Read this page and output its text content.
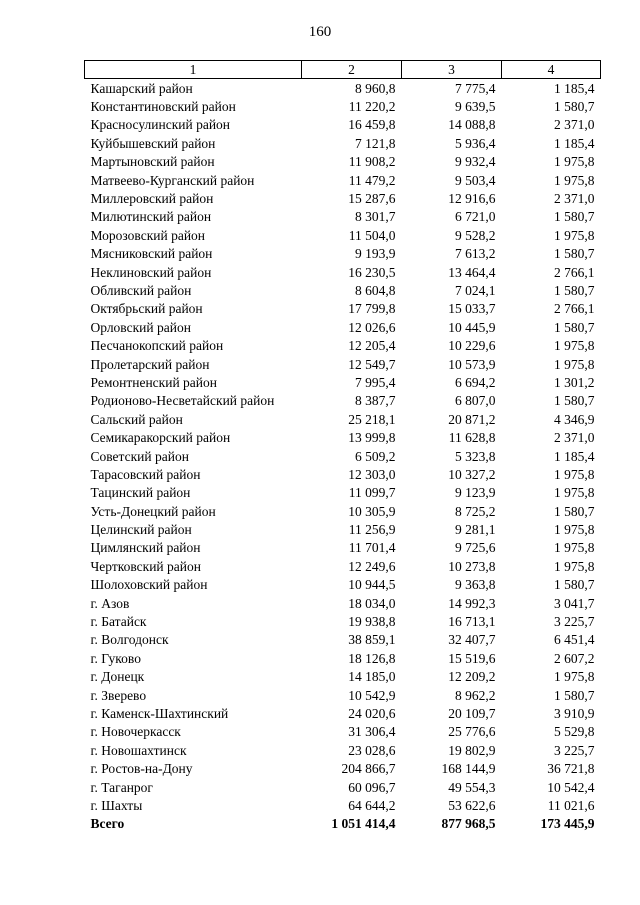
160
1	2	3	4
Кашарский район	8 960,8	7 775,4	1 185,4
Константиновский район	11 220,2	9 639,5	1 580,7
Красносулинский район	16 459,8	14 088,8	2 371,0
Куйбышевский район	7 121,8	5 936,4	1 185,4
Мартыновский район	11 908,2	9 932,4	1 975,8
Матвеево-Курганский район	11 479,2	9 503,4	1 975,8
Миллеровский район	15 287,6	12 916,6	2 371,0
Милютинский район	8 301,7	6 721,0	1 580,7
Морозовский район	11 504,0	9 528,2	1 975,8
Мясниковский район	9 193,9	7 613,2	1 580,7
Неклиновский район	16 230,5	13 464,4	2 766,1
Обливский район	8 604,8	7 024,1	1 580,7
Октябрьский район	17 799,8	15 033,7	2 766,1
Орловский район	12 026,6	10 445,9	1 580,7
Песчанокопский район	12 205,4	10 229,6	1 975,8
Пролетарский район	12 549,7	10 573,9	1 975,8
Ремонтненский район	7 995,4	6 694,2	1 301,2
Родионово-Несветайский район	8 387,7	6 807,0	1 580,7
Сальский район	25 218,1	20 871,2	4 346,9
Семикаракорский район	13 999,8	11 628,8	2 371,0
Советский район	6 509,2	5 323,8	1 185,4
Тарасовский район	12 303,0	10 327,2	1 975,8
Тацинский район	11 099,7	9 123,9	1 975,8
Усть-Донецкий район	10 305,9	8 725,2	1 580,7
Целинский район	11 256,9	9 281,1	1 975,8
Цимлянский район	11 701,4	9 725,6	1 975,8
Чертковский район	12 249,6	10 273,8	1 975,8
Шолоховский район	10 944,5	9 363,8	1 580,7
г. Азов	18 034,0	14 992,3	3 041,7
г. Батайск	19 938,8	16 713,1	3 225,7
г. Волгодонск	38 859,1	32 407,7	6 451,4
г. Гуково	18 126,8	15 519,6	2 607,2
г. Донецк	14 185,0	12 209,2	1 975,8
г. Зверево	10 542,9	8 962,2	1 580,7
г. Каменск-Шахтинский	24 020,6	20 109,7	3 910,9
г. Новочеркасск	31 306,4	25 776,6	5 529,8
г. Новошахтинск	23 028,6	19 802,9	3 225,7
г. Ростов-на-Дону	204 866,7	168 144,9	36 721,8
г. Таганрог	60 096,7	49 554,3	10 542,4
г. Шахты	64 644,2	53 622,6	11 021,6
Всего	1 051 414,4	877 968,5	173 445,9
